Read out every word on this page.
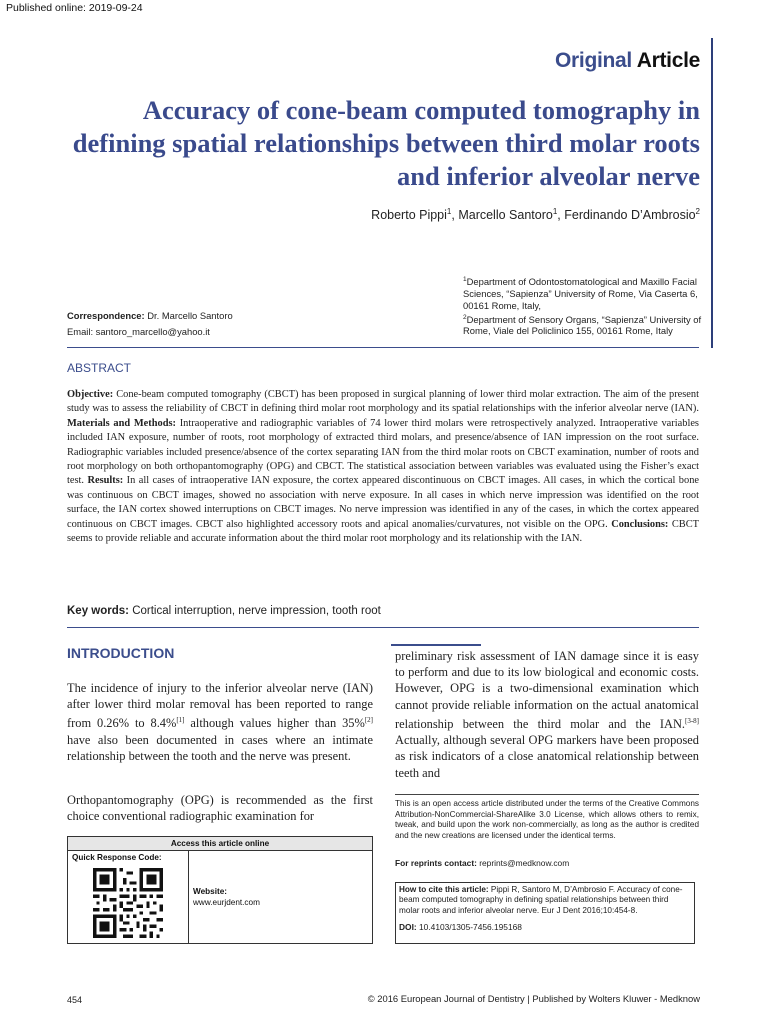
Published online: 2019-09-24
Original Article
Accuracy of cone-beam computed tomography in defining spatial relationships between third molar roots and inferior alveolar nerve
Roberto Pippi$^1$, Marcello Santoro$^1$, Ferdinando D’Ambrosio$^2$
$^1$Department of Odontostomatological and Maxillo Facial Sciences, “Sapienza” University of Rome, Via Caserta 6, 00161 Rome, Italy,
$^2$Department of Sensory Organs, “Sapienza” University of Rome, Viale del Policlinico 155, 00161 Rome, Italy
Correspondence: Dr. Marcello Santoro
Email: santoro_marcello@yahoo.it
ABSTRACT
Objective: Cone-beam computed tomography (CBCT) has been proposed in surgical planning of lower third molar extraction. The aim of the present study was to assess the reliability of CBCT in defining third molar root morphology and its spatial relationships with the inferior alveolar nerve (IAN). Materials and Methods: Intraoperative and radiographic variables of 74 lower third molars were retrospectively analyzed. Intraoperative variables included IAN exposure, number of roots, root morphology of extracted third molars, and presence/absence of IAN impression on the root surface. Radiographic variables included presence/absence of the cortex separating IAN from the third molar roots on CBCT examination, number of roots and root morphology on both orthopantomography (OPG) and CBCT. The statistical association between variables was evaluated using the Fisher’s exact test. Results: In all cases of intraoperative IAN exposure, the cortex appeared discontinuous on CBCT images. All cases, in which the cortical bone was continuous on CBCT images, showed no association with nerve exposure. In all cases in which nerve impression was identified on the root surface, the IAN cortex showed interruptions on CBCT images. No nerve impression was identified in any of the cases, in which the cortex appeared continuous on CBCT images. CBCT also highlighted accessory roots and apical anomalies/curvatures, not visible on the OPG. Conclusions: CBCT seems to provide reliable and accurate information about the third molar root morphology and its relationship with the IAN.
Key words: Cortical interruption, nerve impression, tooth root
INTRODUCTION
The incidence of injury to the inferior alveolar nerve (IAN) after lower third molar removal has been reported to range from 0.26% to 8.4%[1] although values higher than 35%[2] have also been documented in cases where an intimate relationship between the tooth and the nerve was present.
Orthopantomography (OPG) is recommended as the first choice conventional radiographic examination for
preliminary risk assessment of IAN damage since it is easy to perform and due to its low biological and economic costs. However, OPG is a two-dimensional examination which cannot provide reliable information on the actual anatomical relationship between the third molar and the IAN.[3-8] Actually, although several OPG markers have been proposed as risk indicators of a close anatomical relationship between teeth and
Access this article online
Quick Response Code:
Website:
www.eurjdent.com
This is an open access article distributed under the terms of the Creative Commons Attribution-NonCommercial-ShareAlike 3.0 License, which allows others to remix, tweak, and build upon the work non-commercially, as long as the author is credited and the new creations are licensed under the identical terms.
For reprints contact: reprints@medknow.com
How to cite this article: Pippi R, Santoro M, D’Ambrosio F. Accuracy of cone-beam computed tomography in defining spatial relationships between third molar roots and inferior alveolar nerve. Eur J Dent 2016;10:454-8.
DOI: 10.4103/1305-7456.195168
454	© 2016 European Journal of Dentistry | Published by Wolters Kluwer - Medknow
